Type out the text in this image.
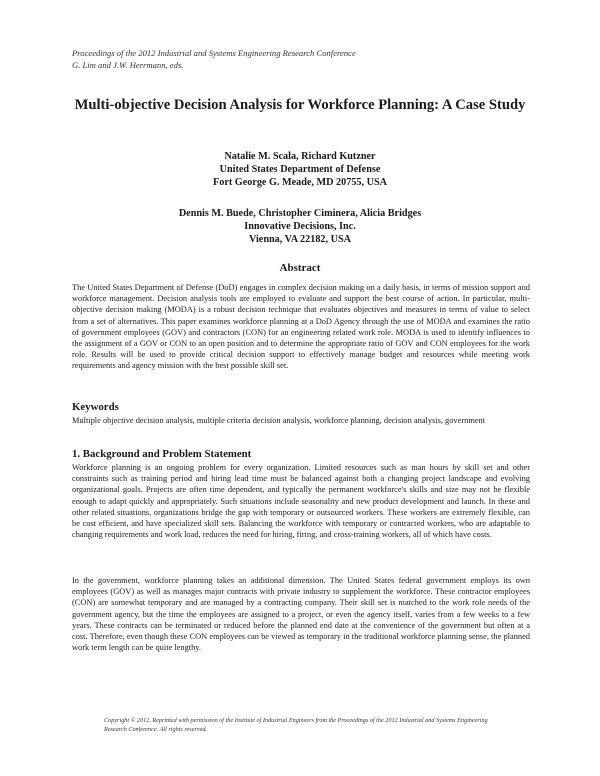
Proceedings of the 2012 Industrial and Systems Engineering Research Conference
G. Lim and J.W. Herrmann, eds.
Multi-objective Decision Analysis for Workforce Planning: A Case Study
Natalie M. Scala, Richard Kutzner
United States Department of Defense
Fort George G. Meade, MD 20755, USA
Dennis M. Buede, Christopher Ciminera, Alicia Bridges
Innovative Decisions, Inc.
Vienna, VA 22182, USA
Abstract
The United States Department of Defense (DoD) engages in complex decision making on a daily basis, in terms of mission support and workforce management. Decision analysis tools are employed to evaluate and support the best course of action. In particular, multi-objective decision making (MODA) is a robust decision technique that evaluates objectives and measures in terms of value to select from a set of alternatives. This paper examines workforce planning at a DoD Agency through the use of MODA and examines the ratio of government employees (GOV) and contractors (CON) for an engineering related work role. MODA is used to identify influences to the assignment of a GOV or CON to an open position and to determine the appropriate ratio of GOV and CON employees for the work role. Results will be used to provide critical decision support to effectively manage budget and resources while meeting work requirements and agency mission with the best possible skill set.
Keywords
Multiple objective decision analysis, multiple criteria decision analysis, workforce planning, decision analysis, government
1. Background and Problem Statement
Workforce planning is an ongoing problem for every organization. Limited resources such as man hours by skill set and other constraints such as training period and hiring lead time must be balanced against both a changing project landscape and evolving organizational goals. Projects are often time dependent, and typically the permanent workforce's skills and size may not be flexible enough to adapt quickly and appropriately. Such situations include seasonality and new product development and launch. In these and other related situations, organizations bridge the gap with temporary or outsourced workers. These workers are extremely flexible, can be cost efficient, and have specialized skill sets. Balancing the workforce with temporary or contracted workers, who are adaptable to changing requirements and work load, reduces the need for hiring, firing, and cross-training workers, all of which have costs.
In the government, workforce planning takes an additional dimension. The United States federal government employs its own employees (GOV) as well as manages major contracts with private industry to supplement the workforce. These contractor employees (CON) are somewhat temporary and are managed by a contracting company. Their skill set is matched to the work role needs of the government agency, but the time the employees are assigned to a project, or even the agency itself, varies from a few weeks to a few years. These contracts can be terminated or reduced before the planned end date at the convenience of the government but often at a cost. Therefore, even though these CON employees can be viewed as temporary in the traditional workforce planning sense, the planned work term length can be quite lengthy.
Copyright © 2012. Reprinted with permission of the Institute of Industrial Engineers from the Proceedings of the 2012 Industrial and Systems Engineering Research Conference. All rights reserved.
